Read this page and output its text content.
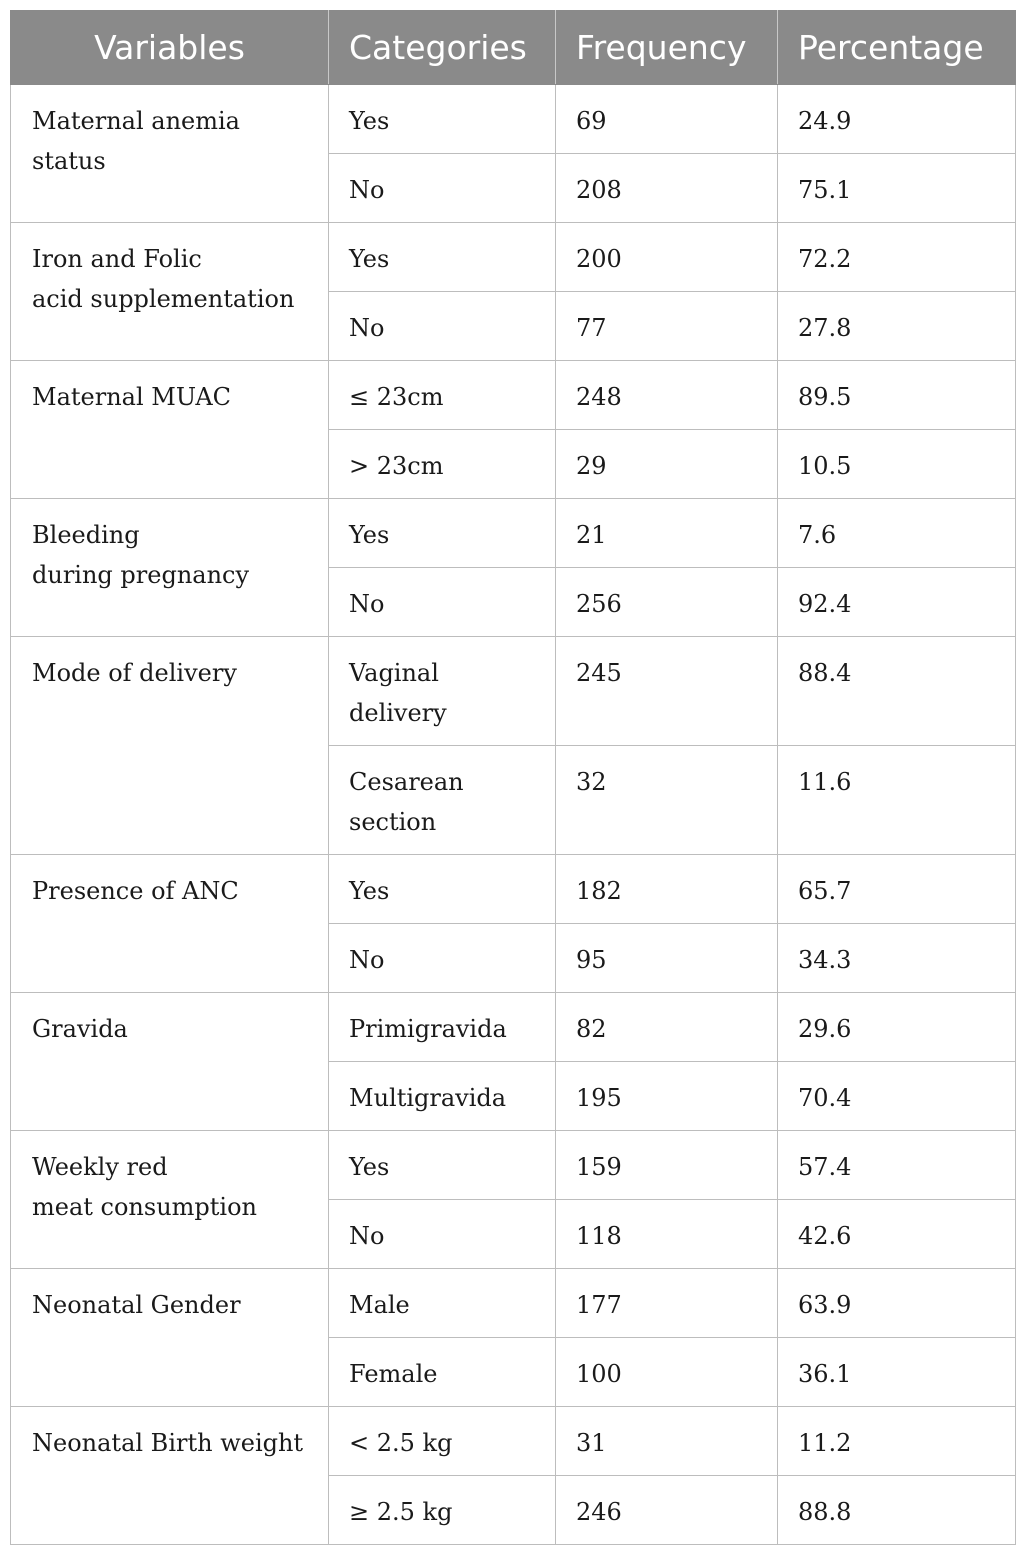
Variables	Categories	Frequency	Percentage

Maternal anemia status	Yes	69	24.9

	No	208	75.1

Iron and Folic
acid supplementation	Yes	200	72.2

	No	77	27.8

Maternal MUAC	≤ 23cm	248	89.5

	> 23cm	29	10.5

Bleeding
during pregnancy	Yes	21	7.6

	No	256	92.4

Mode of delivery	Vaginal
delivery	245	88.4

	Cesarean
section	32	11.6

Presence of ANC	Yes	182	65.7

	No	95	34.3

Gravida	Primigravida	82	29.6

	Multigravida	195	70.4

Weekly red
meat consumption	Yes	159	57.4

	No	118	42.6

Neonatal Gender	Male	177	63.9

	Female	100	36.1

Neonatal Birth weight	< 2.5 kg	31	11.2

	≥ 2.5 kg	246	88.8
